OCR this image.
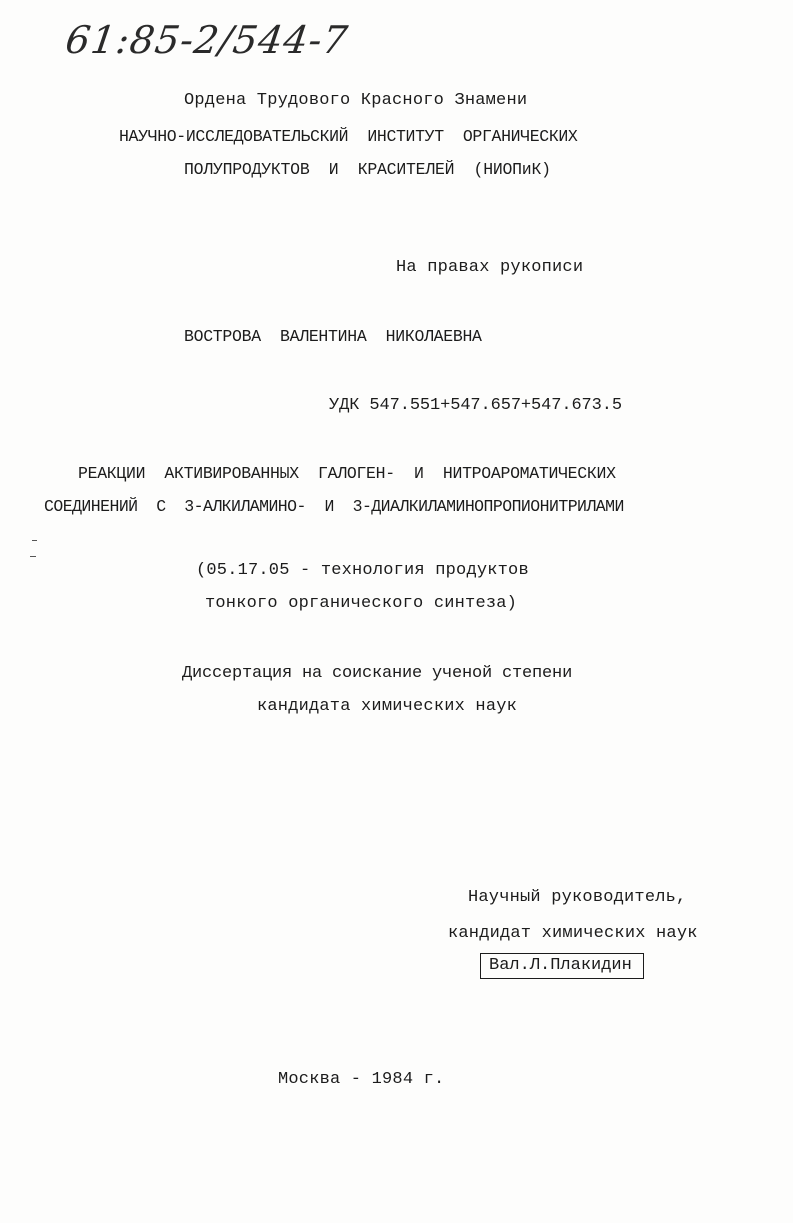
61:85-2/544-7
Ордена Трудового Красного Знамени
НАУЧНО-ИССЛЕДОВАТЕЛЬСКИЙ  ИНСТИТУТ  ОРГАНИЧЕСКИХ
ПОЛУПРОДУКТОВ  И  КРАСИТЕЛЕЙ  (НИОПиК)
На правах рукописи
ВОСТРОВА  ВАЛЕНТИНА  НИКОЛАЕВНА
УДК 547.551+547.657+547.673.5
РЕАКЦИИ  АКТИВИРОВАННЫХ  ГАЛОГЕН-  И  НИТРОАРОМАТИЧЕСКИХ
СОЕДИНЕНИЙ  С  3-АЛКИЛАМИНО-  И  3-ДИАЛКИЛАМИНОПРОПИОНИТРИЛАМИ
(05.17.05 - технология продуктов
тонкого органического синтеза)
Диссертация на соискание ученой степени
кандидата химических наук
Научный руководитель,
кандидат химических наук
Вал.Л.Плакидин
Москва - 1984 г.
